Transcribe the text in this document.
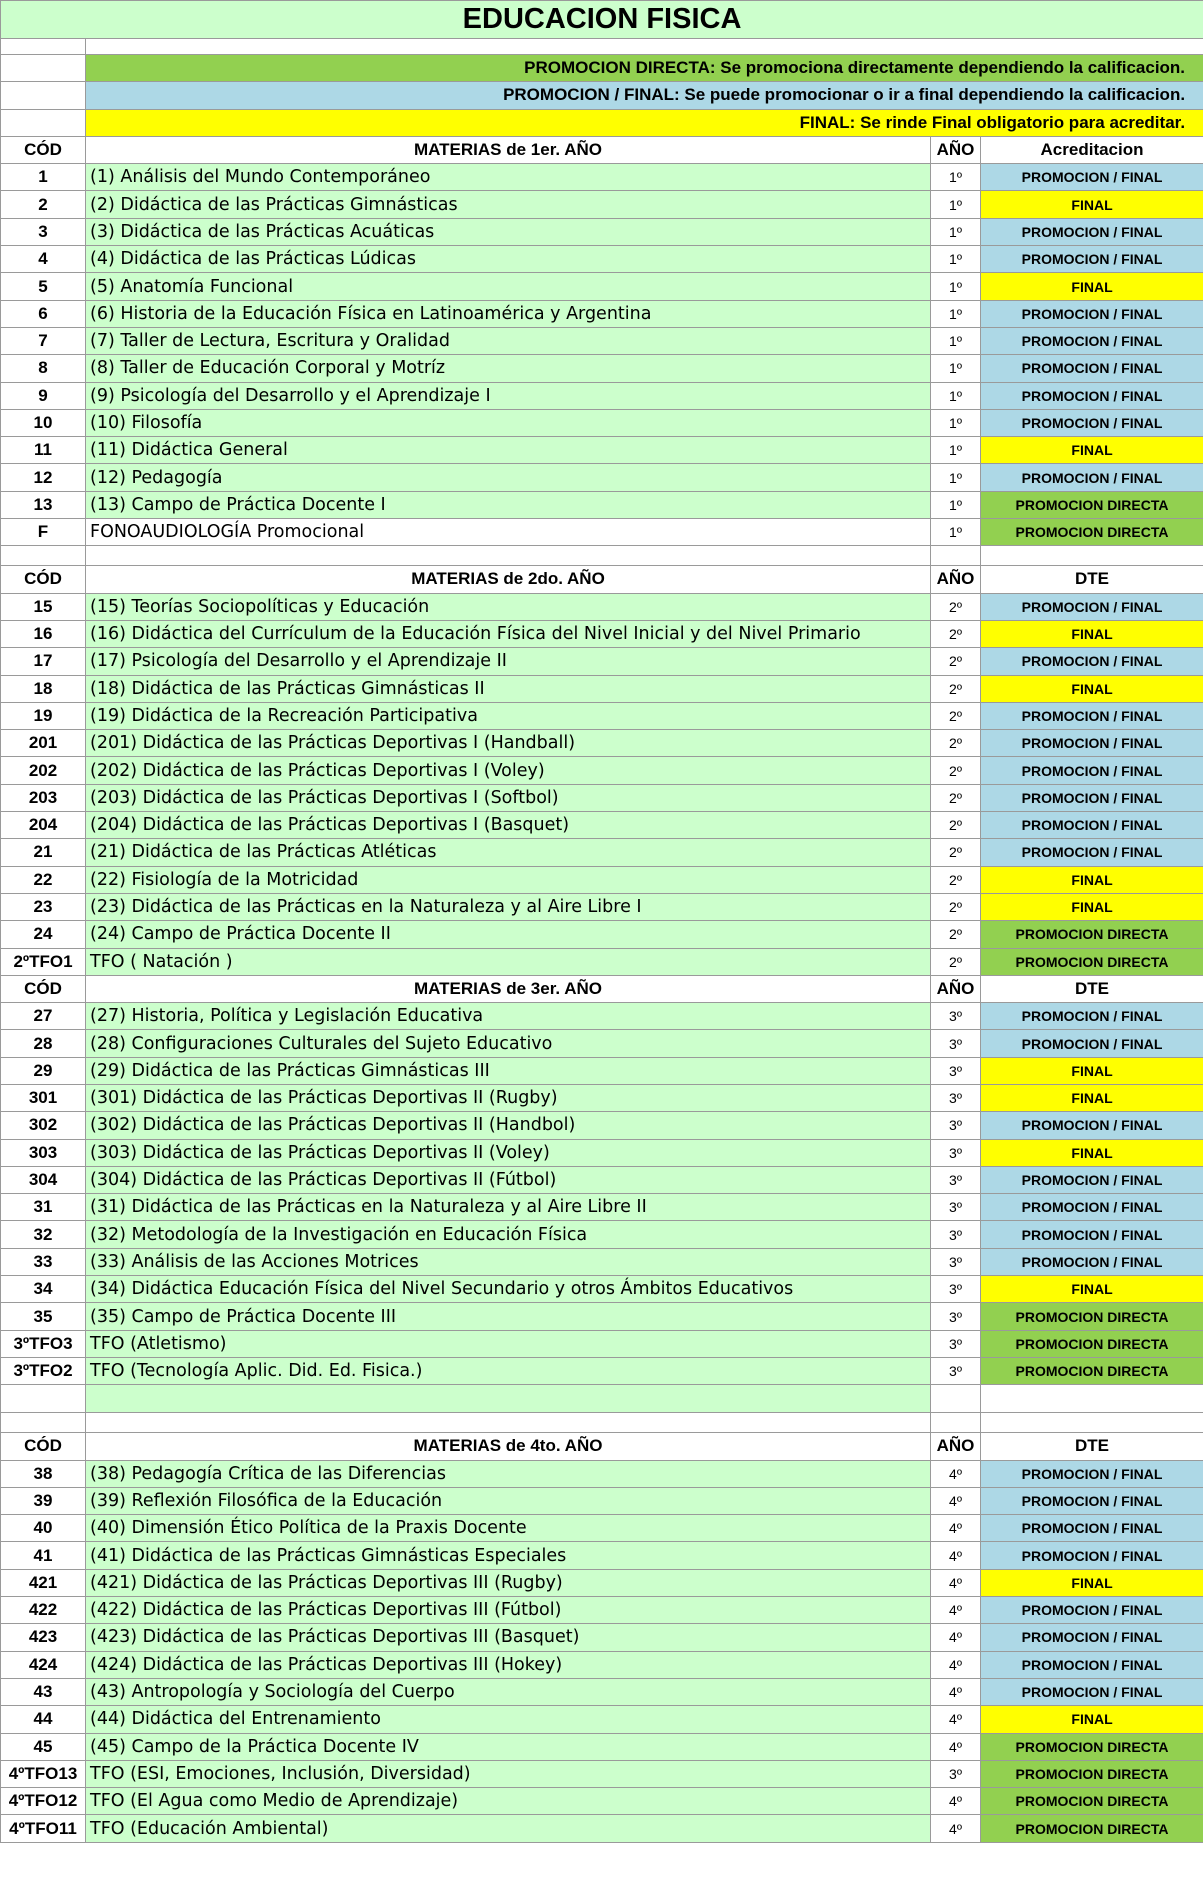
EDUCACION FISICA			

	PROMOCION DIRECTA: Se promociona directamente dependiendo la calificacion.		
	PROMOCION / FINAL: Se puede promocionar o ir a final dependiendo la calificacion.		
	FINAL: Se rinde Final obligatorio para acreditar.		
CÓD	MATERIAS de 1er. AÑO	AÑO	Acreditacion
1	(1) Análisis del Mundo Contemporáneo	1º	PROMOCION / FINAL
2	(2) Didáctica de las Prácticas Gimnásticas	1º	FINAL
3	(3) Didáctica de las Prácticas Acuáticas	1º	PROMOCION / FINAL
4	(4) Didáctica de las Prácticas Lúdicas	1º	PROMOCION / FINAL
5	(5) Anatomía Funcional	1º	FINAL
6	(6) Historia de la Educación Física en Latinoamérica y Argentina	1º	PROMOCION / FINAL
7	(7) Taller de Lectura, Escritura y Oralidad	1º	PROMOCION / FINAL
8	(8) Taller de Educación Corporal y Motríz	1º	PROMOCION / FINAL
9	(9) Psicología del Desarrollo y el Aprendizaje I	1º	PROMOCION / FINAL
10	(10) Filosofía	1º	PROMOCION / FINAL
11	(11) Didáctica General	1º	FINAL
12	(12) Pedagogía	1º	PROMOCION / FINAL
13	(13) Campo de Práctica Docente I	1º	PROMOCION DIRECTA
F	FONOAUDIOLOGÍA Promocional	1º	PROMOCION DIRECTA

CÓD	MATERIAS de 2do. AÑO	AÑO	DTE
15	(15) Teorías Sociopolíticas y Educación	2º	PROMOCION / FINAL
16	(16) Didáctica del Currículum de la Educación Física del Nivel Inicial y del Nivel Primario	2º	FINAL
17	(17) Psicología del Desarrollo y el Aprendizaje II	2º	PROMOCION / FINAL
18	(18) Didáctica de las Prácticas Gimnásticas II	2º	FINAL
19	(19) Didáctica de la Recreación Participativa	2º	PROMOCION / FINAL
201	(201) Didáctica de las Prácticas Deportivas I (Handball)	2º	PROMOCION / FINAL
202	(202) Didáctica de las Prácticas Deportivas I (Voley)	2º	PROMOCION / FINAL
203	(203) Didáctica de las Prácticas Deportivas I (Softbol)	2º	PROMOCION / FINAL
204	(204) Didáctica de las Prácticas Deportivas I (Basquet)	2º	PROMOCION / FINAL
21	(21) Didáctica de las Prácticas Atléticas	2º	PROMOCION / FINAL
22	(22) Fisiología de la Motricidad	2º	FINAL
23	(23) Didáctica de las Prácticas en la Naturaleza y al Aire Libre I	2º	FINAL
24	(24) Campo de Práctica Docente II	2º	PROMOCION DIRECTA
2ºTFO1	TFO ( Natación )	2º	PROMOCION DIRECTA
CÓD	MATERIAS de 3er. AÑO	AÑO	DTE
27	(27) Historia, Política y Legislación Educativa	3º	PROMOCION / FINAL
28	(28) Configuraciones Culturales del Sujeto Educativo	3º	PROMOCION / FINAL
29	(29) Didáctica de las Prácticas Gimnásticas III	3º	FINAL
301	(301) Didáctica de las Prácticas Deportivas II (Rugby)	3º	FINAL
302	(302) Didáctica de las Prácticas Deportivas II (Handbol)	3º	PROMOCION / FINAL
303	(303) Didáctica de las Prácticas Deportivas II (Voley)	3º	FINAL
304	(304) Didáctica de las Prácticas Deportivas II (Fútbol)	3º	PROMOCION / FINAL
31	(31) Didáctica de las Prácticas en la Naturaleza y al Aire Libre II	3º	PROMOCION / FINAL
32	(32) Metodología de la Investigación en Educación Física	3º	PROMOCION / FINAL
33	(33) Análisis de las Acciones Motrices	3º	PROMOCION / FINAL
34	(34) Didáctica Educación Física del Nivel Secundario y otros Ámbitos Educativos	3º	FINAL
35	(35) Campo de Práctica Docente III	3º	PROMOCION DIRECTA
3ºTFO3	TFO (Atletismo)	3º	PROMOCION DIRECTA
3ºTFO2	TFO (Tecnología Aplic. Did. Ed. Fisica.)	3º	PROMOCION DIRECTA

CÓD	MATERIAS de 4to. AÑO	AÑO	DTE
38	(38) Pedagogía Crítica de las Diferencias	4º	PROMOCION / FINAL
39	(39) Reflexión Filosófica de la Educación	4º	PROMOCION / FINAL
40	(40) Dimensión Ético Política de la Praxis Docente	4º	PROMOCION / FINAL
41	(41) Didáctica de las Prácticas Gimnásticas Especiales	4º	PROMOCION / FINAL
421	(421) Didáctica de las Prácticas Deportivas III (Rugby)	4º	FINAL
422	(422) Didáctica de las Prácticas Deportivas III (Fútbol)	4º	PROMOCION / FINAL
423	(423) Didáctica de las Prácticas Deportivas III (Basquet)	4º	PROMOCION / FINAL
424	(424) Didáctica de las Prácticas Deportivas III (Hokey)	4º	PROMOCION / FINAL
43	(43) Antropología y Sociología del Cuerpo	4º	PROMOCION / FINAL
44	(44) Didáctica del Entrenamiento	4º	FINAL
45	(45) Campo de la Práctica Docente IV	4º	PROMOCION DIRECTA
4ºTFO13	TFO (ESI, Emociones, Inclusión, Diversidad)	3º	PROMOCION DIRECTA
4ºTFO12	TFO (El Agua como Medio de Aprendizaje)	4º	PROMOCION DIRECTA
4ºTFO11	TFO (Educación Ambiental)	4º	PROMOCION DIRECTA
